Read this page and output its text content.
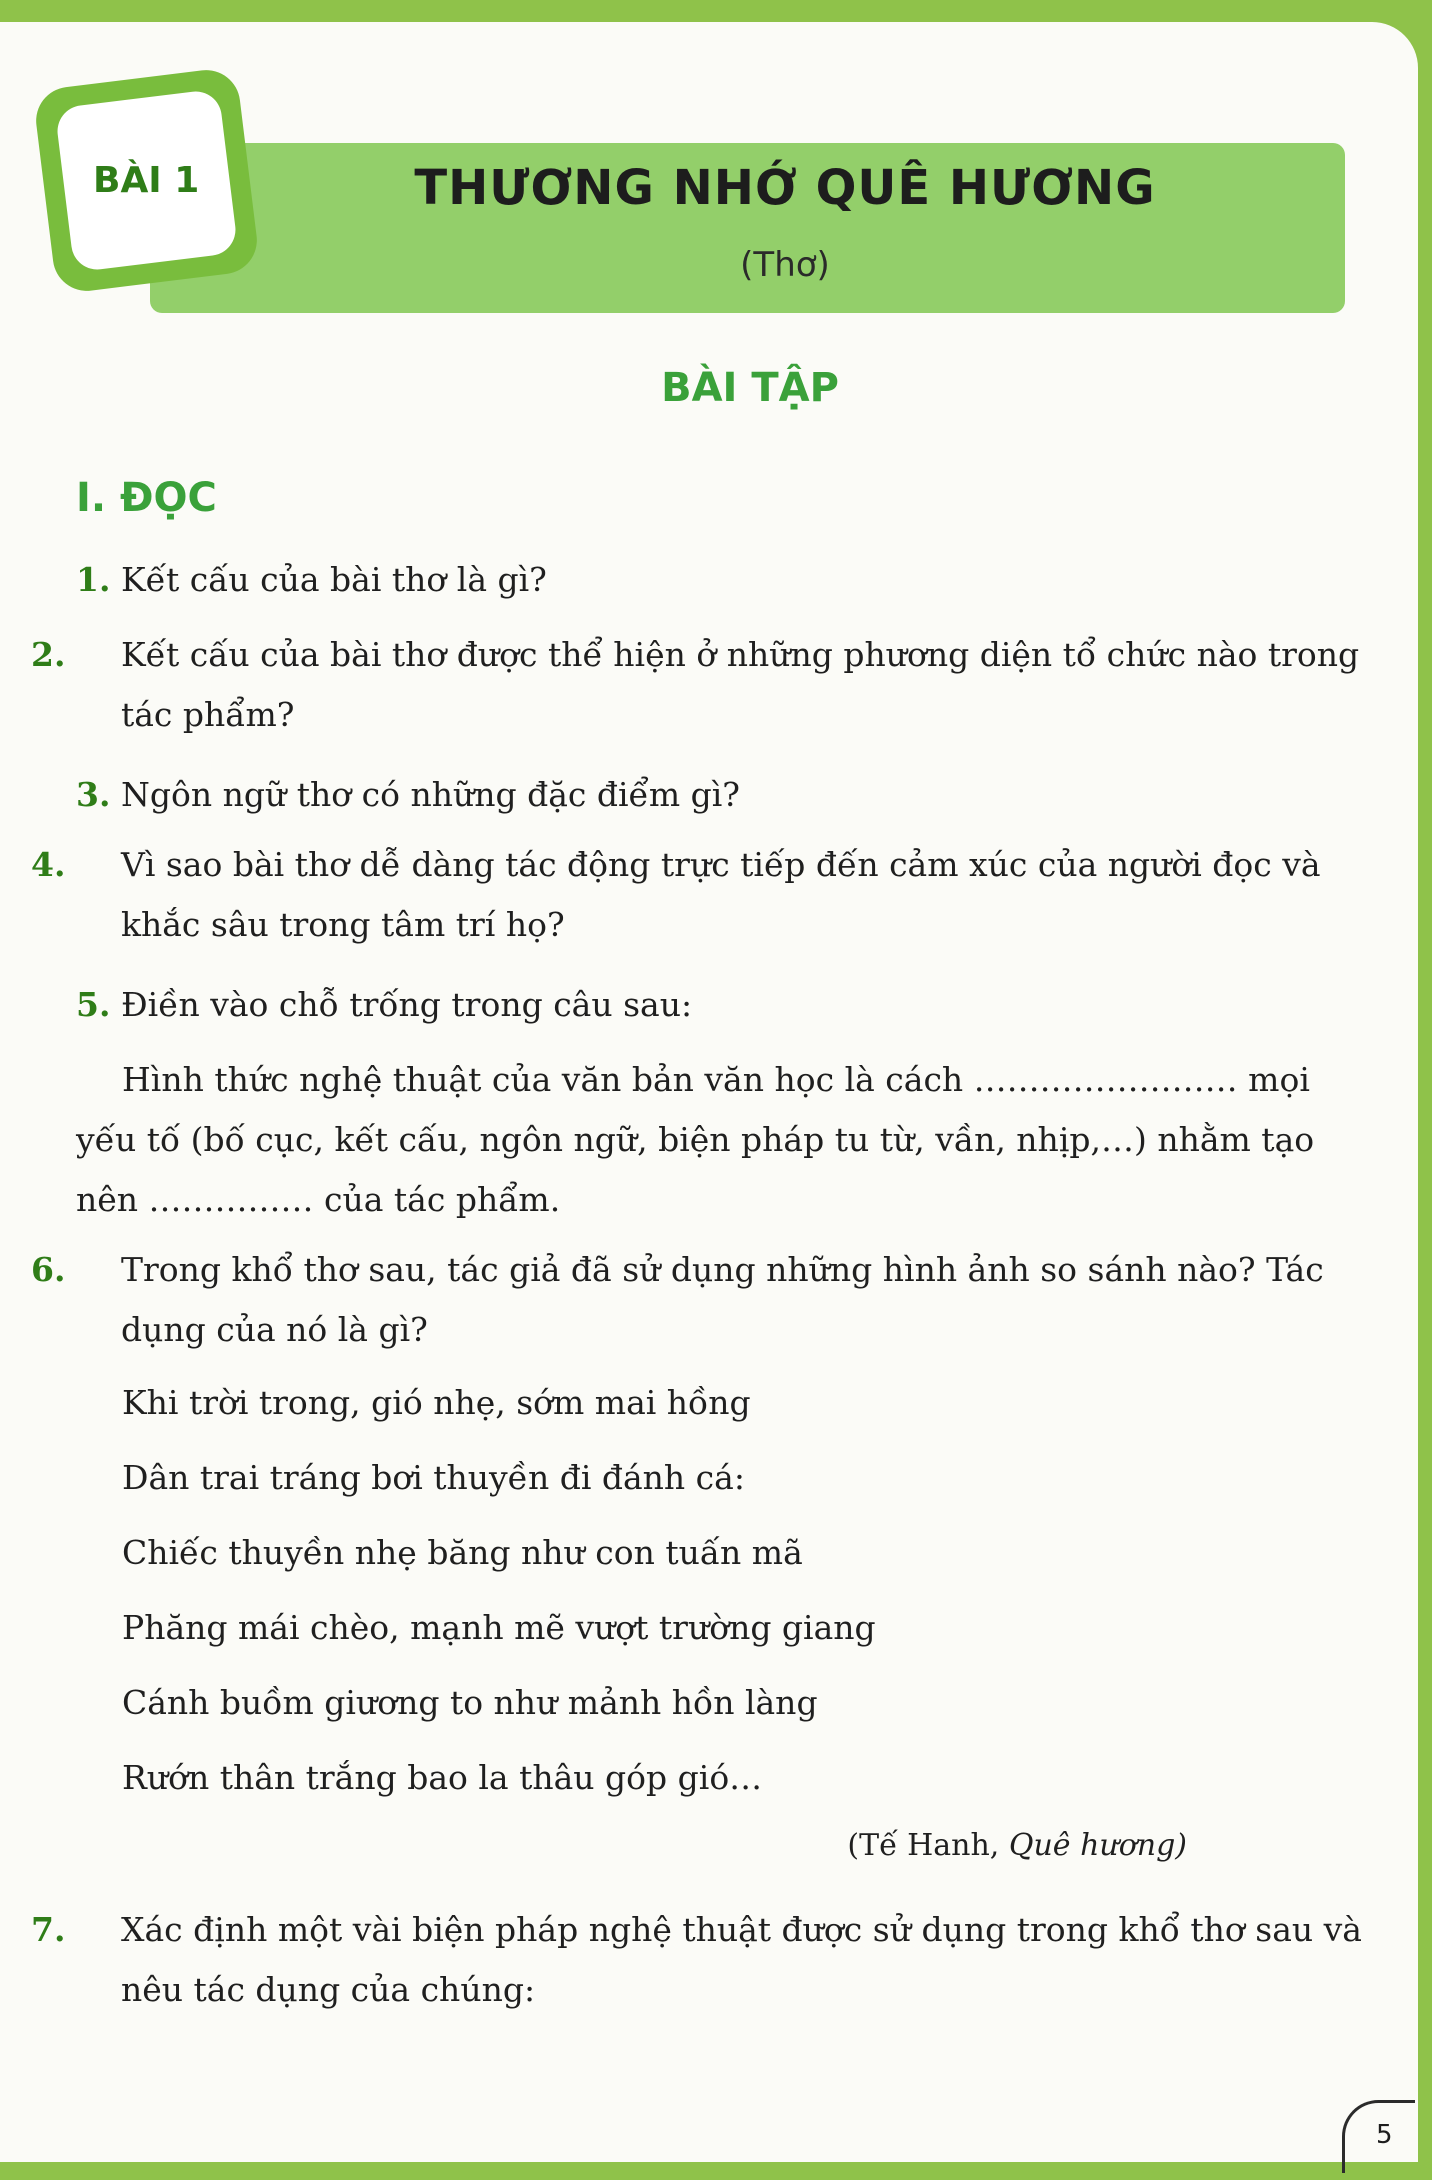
BÀI 1	THƯƠNG NHỚ QUÊ HƯƠNG
(Thơ)
BÀI TẬP
I. ĐỌC
1. Kết cấu của bài thơ là gì?
2. Kết cấu của bài thơ được thể hiện ở những phương diện tổ chức nào trong tác phẩm?
3. Ngôn ngữ thơ có những đặc điểm gì?
4. Vì sao bài thơ dễ dàng tác động trực tiếp đến cảm xúc của người đọc và khắc sâu trong tâm trí họ?
5. Điền vào chỗ trống trong câu sau:
Hình thức nghệ thuật của văn bản văn học là cách …………………… mọi yếu tố (bố cục, kết cấu, ngôn ngữ, biện pháp tu từ, vần, nhịp,…) nhằm tạo nên …………… của tác phẩm.
6. Trong khổ thơ sau, tác giả đã sử dụng những hình ảnh so sánh nào? Tác dụng của nó là gì?
Khi trời trong, gió nhẹ, sớm mai hồng
Dân trai tráng bơi thuyền đi đánh cá:
Chiếc thuyền nhẹ băng như con tuấn mã
Phăng mái chèo, mạnh mẽ vượt trường giang
Cánh buồm giương to như mảnh hồn làng
Rướn thân trắng bao la thâu góp gió…
(Tế Hanh, Quê hương)
7. Xác định một vài biện pháp nghệ thuật được sử dụng trong khổ thơ sau và nêu tác dụng của chúng:
5
